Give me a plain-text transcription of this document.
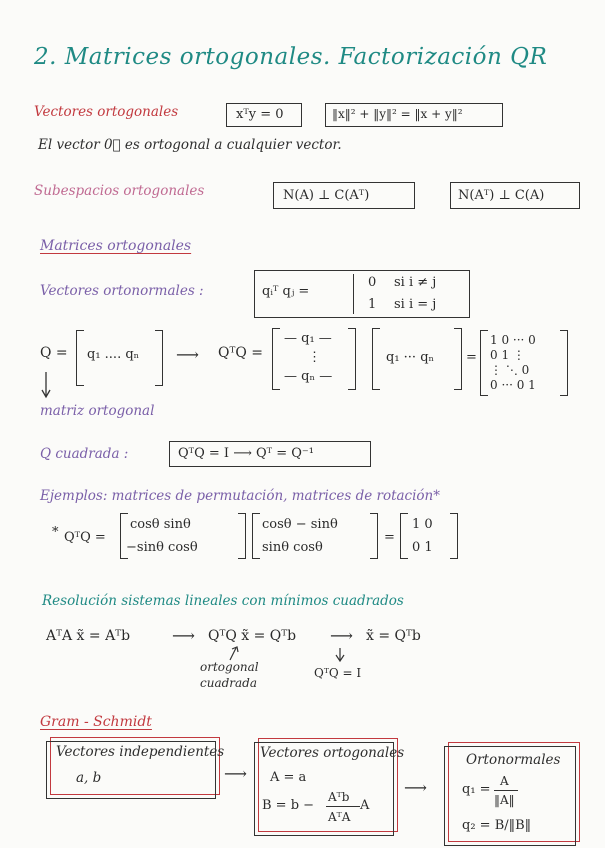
2. Matrices ortogonales. Factorización QR
Vectores ortogonales	xᵀy = 0	‖x‖² + ‖y‖² = ‖x + y‖²
El vector 0⃗ es ortogonal a cualquier vector.
Subespacios ortogonales	N(A) ⊥ C(Aᵀ)	N(Aᵀ) ⊥ C(A)
Matrices ortogonales
Vectores ortonormales :	qᵢᵀ qⱼ =
0 si i ≠ j
1 si i = j
Q = q₁ .... qₙ ⟶ QᵀQ =
— q₁ —
⋮
— qₙ —
q₁ ··· qₙ =
1 0 ··· 0
0 1 ⋮
⋮ ⋱ 0
0 ··· 0 1
matriz ortogonal
Q cuadrada :	QᵀQ = I ⟶ Qᵀ = Q⁻¹
Ejemplos: matrices de permutación, matrices de rotación*
* QᵀQ =
cosθ sinθ
−sinθ cosθ
cosθ − sinθ
sinθ cosθ
=
1 0
0 1
Resolución sistemas lineales con mínimos cuadrados
AᵀA x̃ = Aᵀb	⟶ QᵀQ x̃ = Qᵀb ⟶ x̃ = Qᵀb
ortogonal
cuadrada
QᵀQ = I
Gram - Schmidt
Vectores independientes
a, b	⟶
Vectores ortogonales
A = a
B = b −
Aᵀb
AᵀA
A
⟶
Ortonormales
q₁ =
A
‖A‖
q₂ = B/‖B‖
